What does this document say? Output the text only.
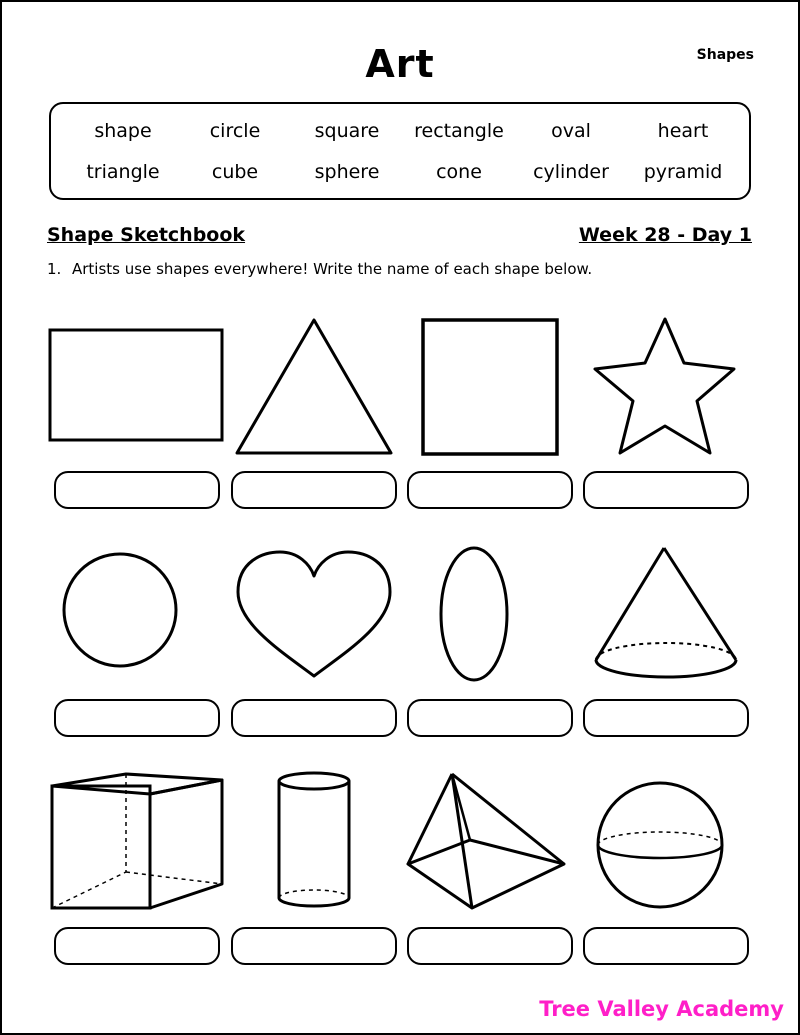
Art	Shapes
shape	circle	square	rectangle	oval	heart
triangle	cube	sphere	cone	cylinder	pyramid
Shape Sketchbook	Week 28 - Day 1
1. Artists use shapes everywhere! Write the name of each shape below.
Tree Valley Academy
